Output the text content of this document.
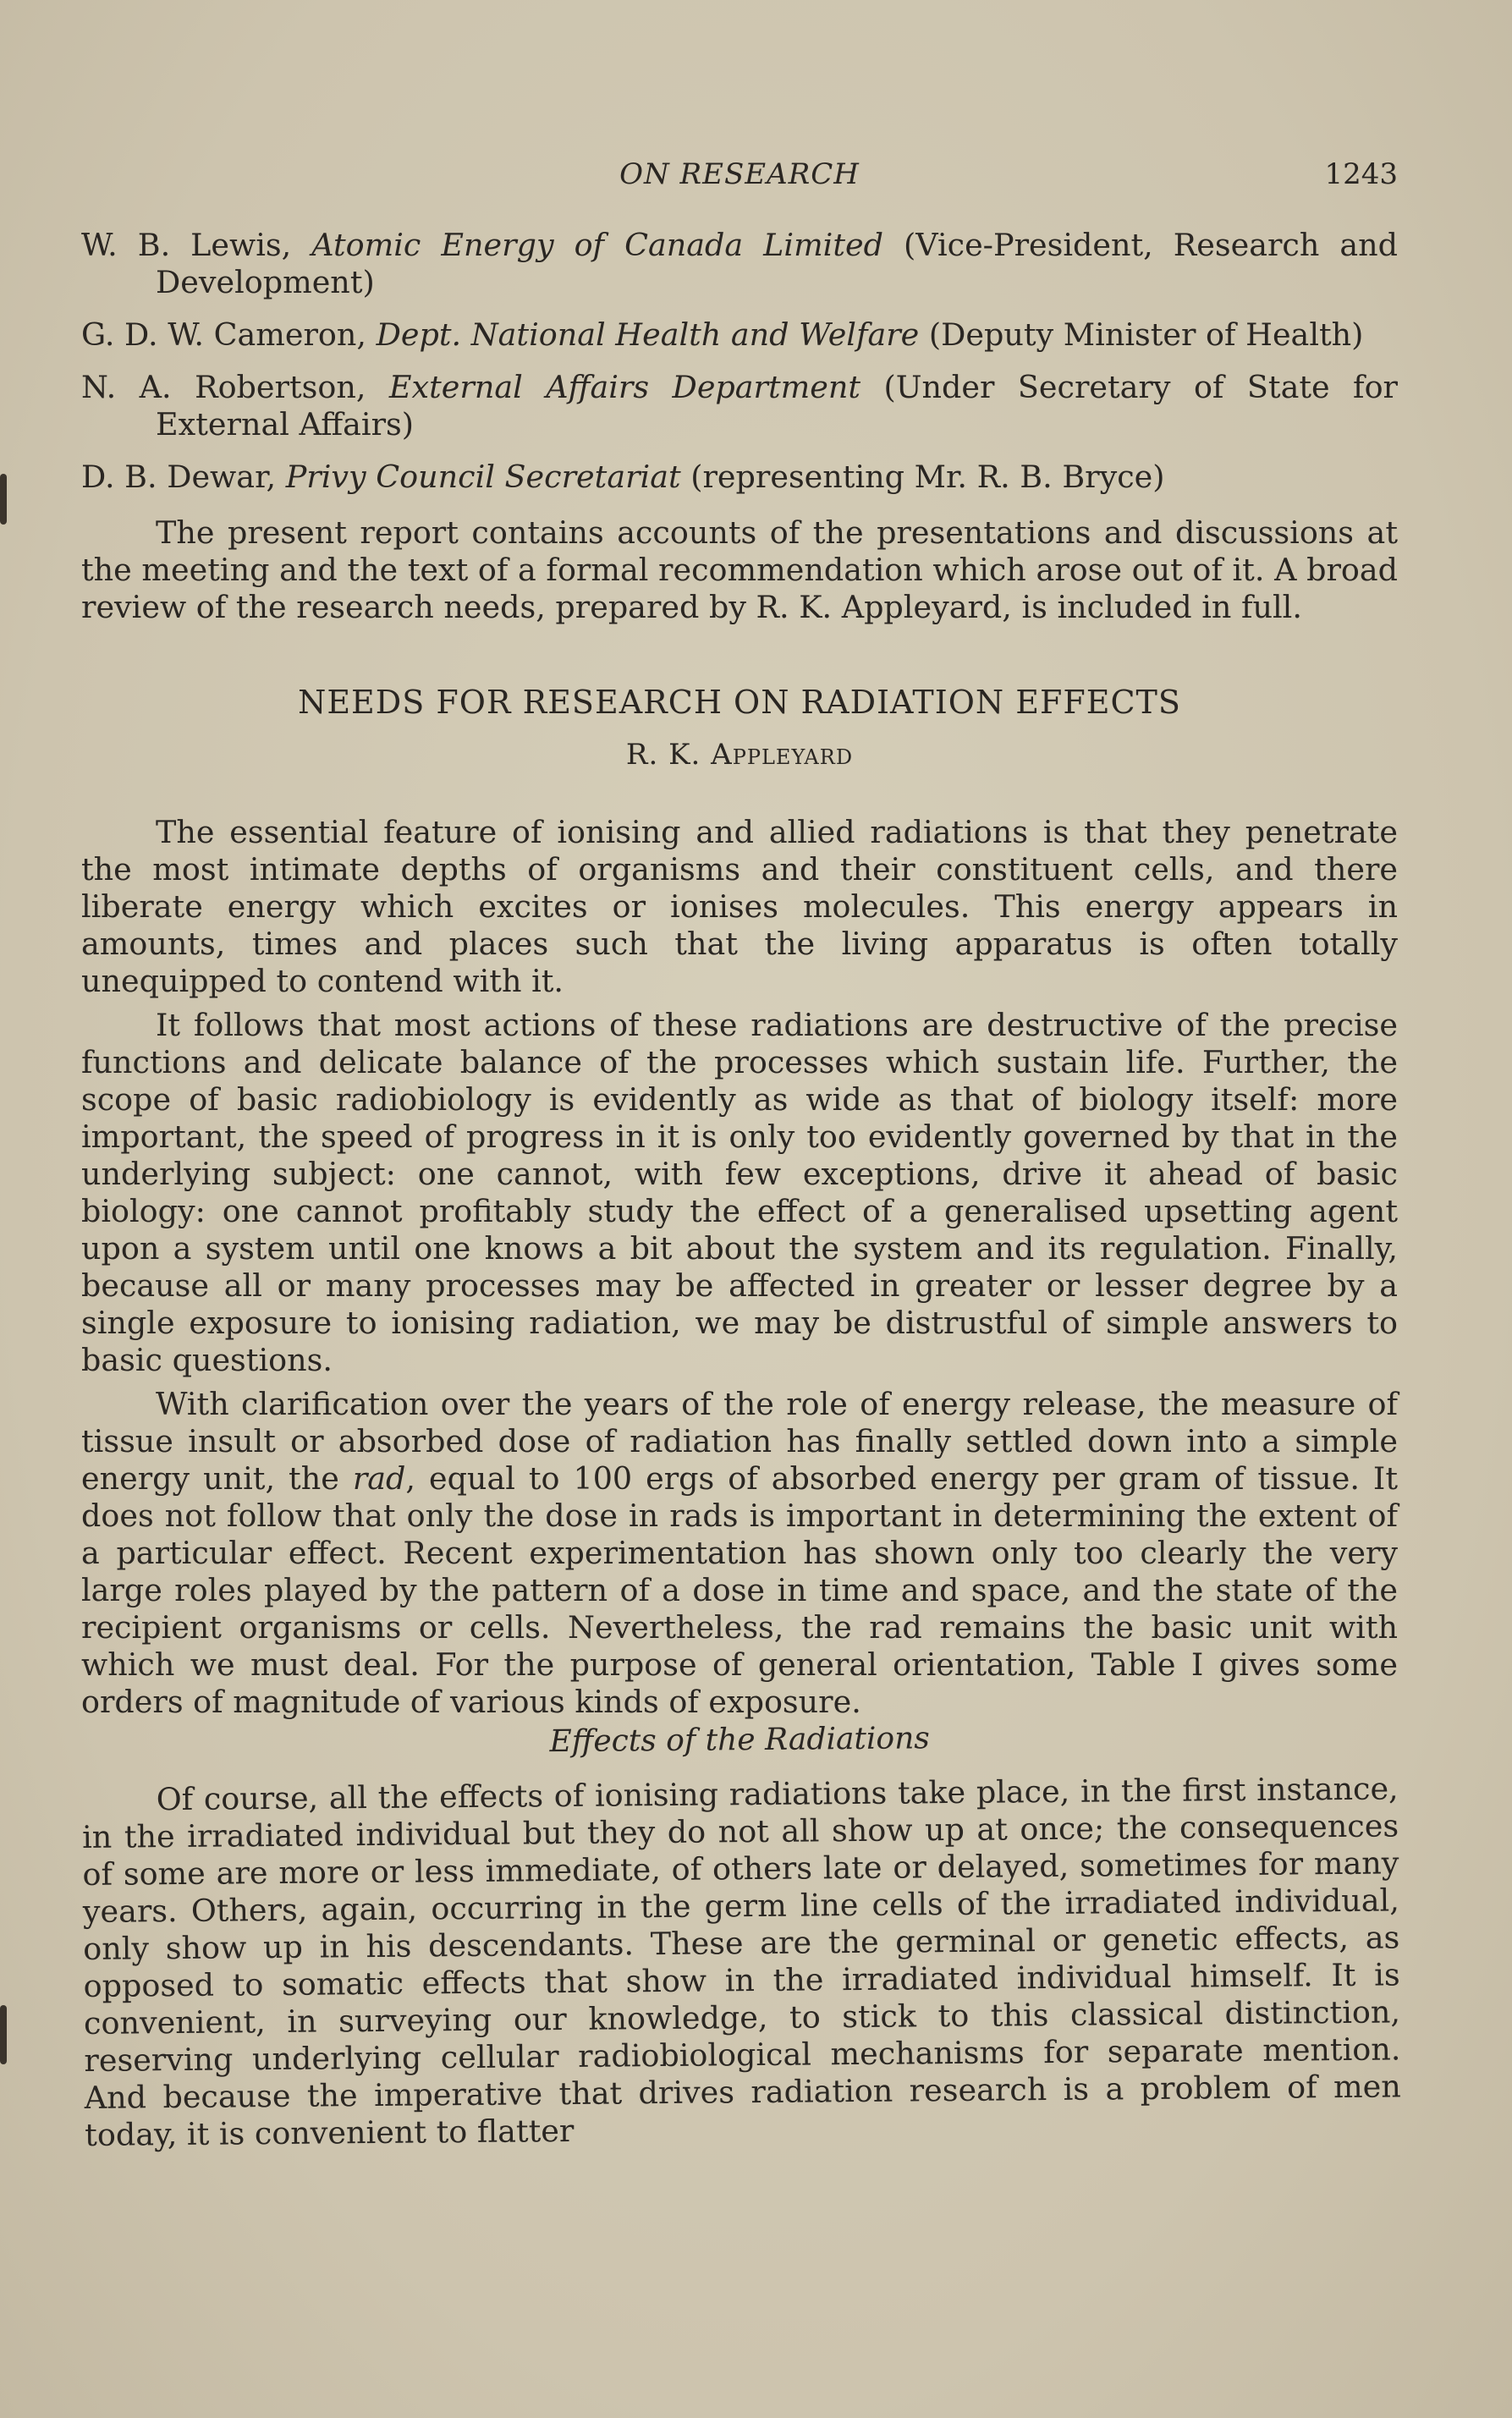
ON RESEARCH	1243
W. B. Lewis, Atomic Energy of Canada Limited (Vice-President, Research and Development)
G. D. W. Cameron, Dept. National Health and Welfare (Deputy Minister of Health)
N. A. Robertson, External Affairs Department (Under Secretary of State for External Affairs)
D. B. Dewar, Privy Council Secretariat (representing Mr. R. B. Bryce)

The present report contains accounts of the presentations and discussions at the meeting and the text of a formal recommendation which arose out of it. A broad review of the research needs, prepared by R. K. Appleyard, is included in full.

NEEDS FOR RESEARCH ON RADIATION EFFECTS
R. K. Appleyard

The essential feature of ionising and allied radiations is that they penetrate the most intimate depths of organisms and their constituent cells, and there liberate energy which excites or ionises molecules. This energy appears in amounts, times and places such that the living apparatus is often totally unequipped to contend with it.

It follows that most actions of these radiations are destructive of the precise functions and delicate balance of the processes which sustain life. Further, the scope of basic radiobiology is evidently as wide as that of biology itself: more important, the speed of progress in it is only too evidently governed by that in the underlying subject: one cannot, with few exceptions, drive it ahead of basic biology: one cannot profitably study the effect of a generalised upsetting agent upon a system until one knows a bit about the system and its regulation. Finally, because all or many processes may be affected in greater or lesser degree by a single exposure to ionising radiation, we may be distrustful of simple answers to basic questions.

With clarification over the years of the role of energy release, the measure of tissue insult or absorbed dose of radiation has finally settled down into a simple energy unit, the rad, equal to 100 ergs of absorbed energy per gram of tissue. It does not follow that only the dose in rads is important in determining the extent of a particular effect. Recent experimentation has shown only too clearly the very large roles played by the pattern of a dose in time and space, and the state of the recipient organisms or cells. Nevertheless, the rad remains the basic unit with which we must deal. For the purpose of general orientation, Table I gives some orders of magnitude of various kinds of exposure.

Effects of the Radiations

Of course, all the effects of ionising radiations take place, in the first instance, in the irradiated individual but they do not all show up at once; the consequences of some are more or less immediate, of others late or delayed, sometimes for many years. Others, again, occurring in the germ line cells of the irradiated individual, only show up in his descendants. These are the germinal or genetic effects, as opposed to somatic effects that show in the irradiated individual himself. It is convenient, in surveying our knowledge, to stick to this classical distinction, reserving underlying cellular radiobiological mechanisms for separate mention. And because the imperative that drives radiation research is a problem of men today, it is convenient to flatter
